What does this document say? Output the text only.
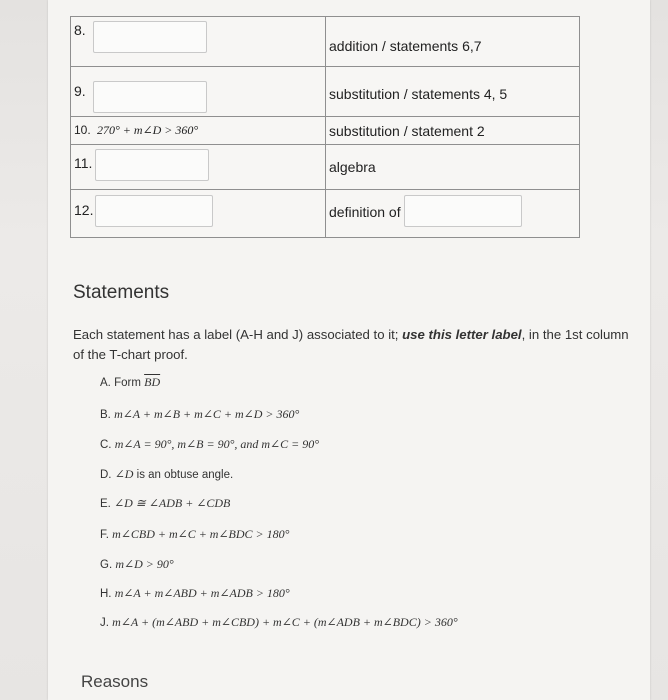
8.	addition / statements 6,7

9.	substitution / statements 4, 5

10. 270° + m∠D > 360°	substitution / statement 2

11.	algebra

12.	definition of
Statements

Each statement has a label (A-H and J) associated to it; use this letter label, in the 1st column of the T-chart proof.

A. Form $\overline{BD}$
B. m∠A + m∠B + m∠C + m∠D > 360°
C. m∠A = 90°, m∠B = 90°, and m∠C = 90°
D. ∠D is an obtuse angle.
E. ∠D ≅ ∠ADB + ∠CDB
F. m∠CBD + m∠C + m∠BDC > 180°
G. m∠D > 90°
H. m∠A + m∠ABD + m∠ADB > 180°
J. m∠A + (m∠ABD + m∠CBD) + m∠C + (m∠ADB + m∠BDC) > 360°
Reasons
